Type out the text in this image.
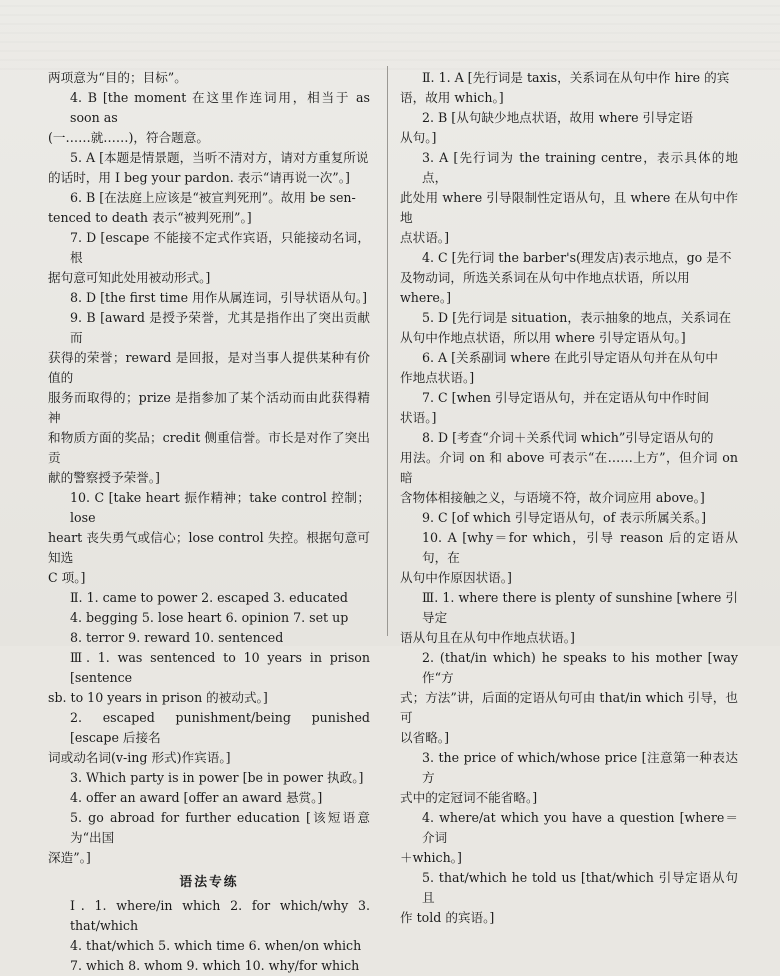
两项意为“目的；目标”。

4. B [the moment 在这里作连词用，相当于 as soon as

(一……就……)，符合题意。

5. A [本题是情景题，当听不清对方，请对方重复所说

的话时，用 I beg your pardon. 表示“请再说一次”。]

6. B [在法庭上应该是“被宣判死刑”。故用 be sen-

tenced to death 表示“被判死刑”。]

7. D [escape 不能接不定式作宾语，只能接动名词，根

据句意可知此处用被动形式。]

8. D [the first time 用作从属连词，引导状语从句。]

9. B [award 是授予荣誉，尤其是指作出了突出贡献而

获得的荣誉；reward 是回报，是对当事人提供某种有价值的

服务而取得的；prize 是指参加了某个活动而由此获得精神

和物质方面的奖品；credit 侧重信誉。市长是对作了突出贡

献的警察授予荣誉。]

10. C [take heart 振作精神；take control 控制；lose

heart 丧失勇气或信心；lose control 失控。根据句意可知选

C 项。]

Ⅱ. 1. came to power 2. escaped 3. educated

4. begging 5. lose heart 6. opinion 7. set up

8. terror 9. reward 10. sentenced

Ⅲ. 1. was sentenced to 10 years in prison [sentence

sb. to 10 years in prison 的被动式。]

2. escaped punishment/being punished [escape 后接名

词或动名词(v-ing 形式)作宾语。]

3. Which party is in power [be in power 执政。]

4. offer an award [offer an award 悬赏。]

5. go abroad for further education [该短语意为“出国

深造”。]

语法专练

Ⅰ. 1. where/in which 2. for which/why 3. that/which

4. that/which 5. which time 6. when/on which

7. which 8. whom 9. which 10. why/for which

Ⅱ. 1. A [先行词是 taxis，关系词在从句中作 hire 的宾

语，故用 which。]

2. B [从句缺少地点状语，故用 where 引导定语

从句。]

3. A [先行词为 the training centre，表示具体的地点，

此处用 where 引导限制性定语从句，且 where 在从句中作地

点状语。]

4. C [先行词 the barber's(理发店)表示地点，go 是不

及物动词，所选关系词在从句中作地点状语，所以用

where。]

5. D [先行词是 situation，表示抽象的地点，关系词在

从句中作地点状语，所以用 where 引导定语从句。]

6. A [关系副词 where 在此引导定语从句并在从句中

作地点状语。]

7. C [when 引导定语从句，并在定语从句中作时间

状语。]

8. D [考查“介词＋关系代词 which”引导定语从句的

用法。介词 on 和 above 可表示“在……上方”，但介词 on 暗

含物体相接触之义，与语境不符，故介词应用 above。]

9. C [of which 引导定语从句，of 表示所属关系。]

10. A [why＝for which，引导 reason 后的定语从句，在

从句中作原因状语。]

Ⅲ. 1. where there is plenty of sunshine [where 引导定

语从句且在从句中作地点状语。]

2. (that/in which) he speaks to his mother [way 作“方

式；方法”讲，后面的定语从句可由 that/in which 引导，也可

以省略。]

3. the price of which/whose price [注意第一种表达方

式中的定冠词不能省略。]

4. where/at which you have a question [where＝介词

＋which。]

5. that/which he told us [that/which 引导定语从句且

作 told 的宾语。]
